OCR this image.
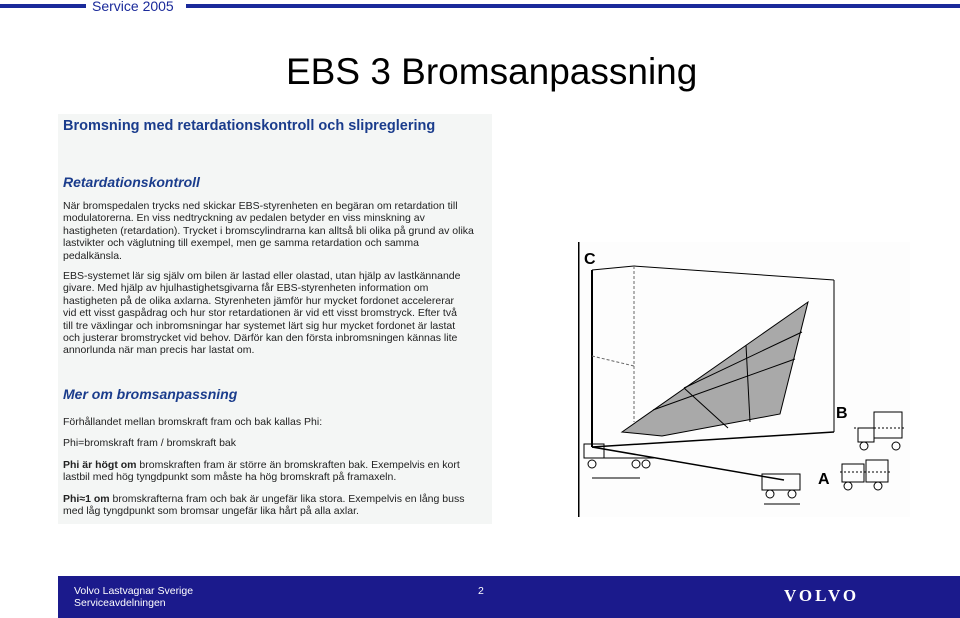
Service 2005
EBS 3 Bromsanpassning
Bromsning med retardationskontroll och slipreglering
Retardationskontroll
När bromspedalen trycks ned skickar EBS-styrenheten en begäran om retardation till modulatorerna. En viss nedtryckning av pedalen betyder en viss minskning av hastigheten (retardation). Trycket i bromscylindrarna kan alltså bli olika på grund av olika lastvikter och väglutning till exempel, men ge samma retardation och samma pedalkänsla.
EBS-systemet lär sig själv om bilen är lastad eller olastad, utan hjälp av lastkännande givare. Med hjälp av hjulhastighetsgivarna får EBS-styrenheten information om hastigheten på de olika axlarna. Styrenheten jämför hur mycket fordonet accelererar vid ett visst gaspådrag och hur stor retardationen är vid ett visst bromstryck. Efter två till tre växlingar och inbromsningar har systemet lärt sig hur mycket fordonet är lastat och justerar bromstrycket vid behov. Därför kan den första inbromsningen kännas lite annorlunda när man precis har lastat om.
Mer om bromsanpassning
Förhållandet mellan bromskraft fram och bak kallas Phi:
Phi=bromskraft fram / bromskraft bak
Phi är högt om bromskraften fram är större än bromskraften bak. Exempelvis en kort lastbil med hög tyngdpunkt som måste ha hög bromskraft på framaxeln.
Phi≈1 om bromskrafterna fram och bak är ungefär lika stora. Exempelvis en lång buss med låg tyngdpunkt som bromsar ungefär lika hårt på alla axlar.
C
B
A
Volvo Lastvagnar Sverige
Serviceavdelningen
2	VOLVO
